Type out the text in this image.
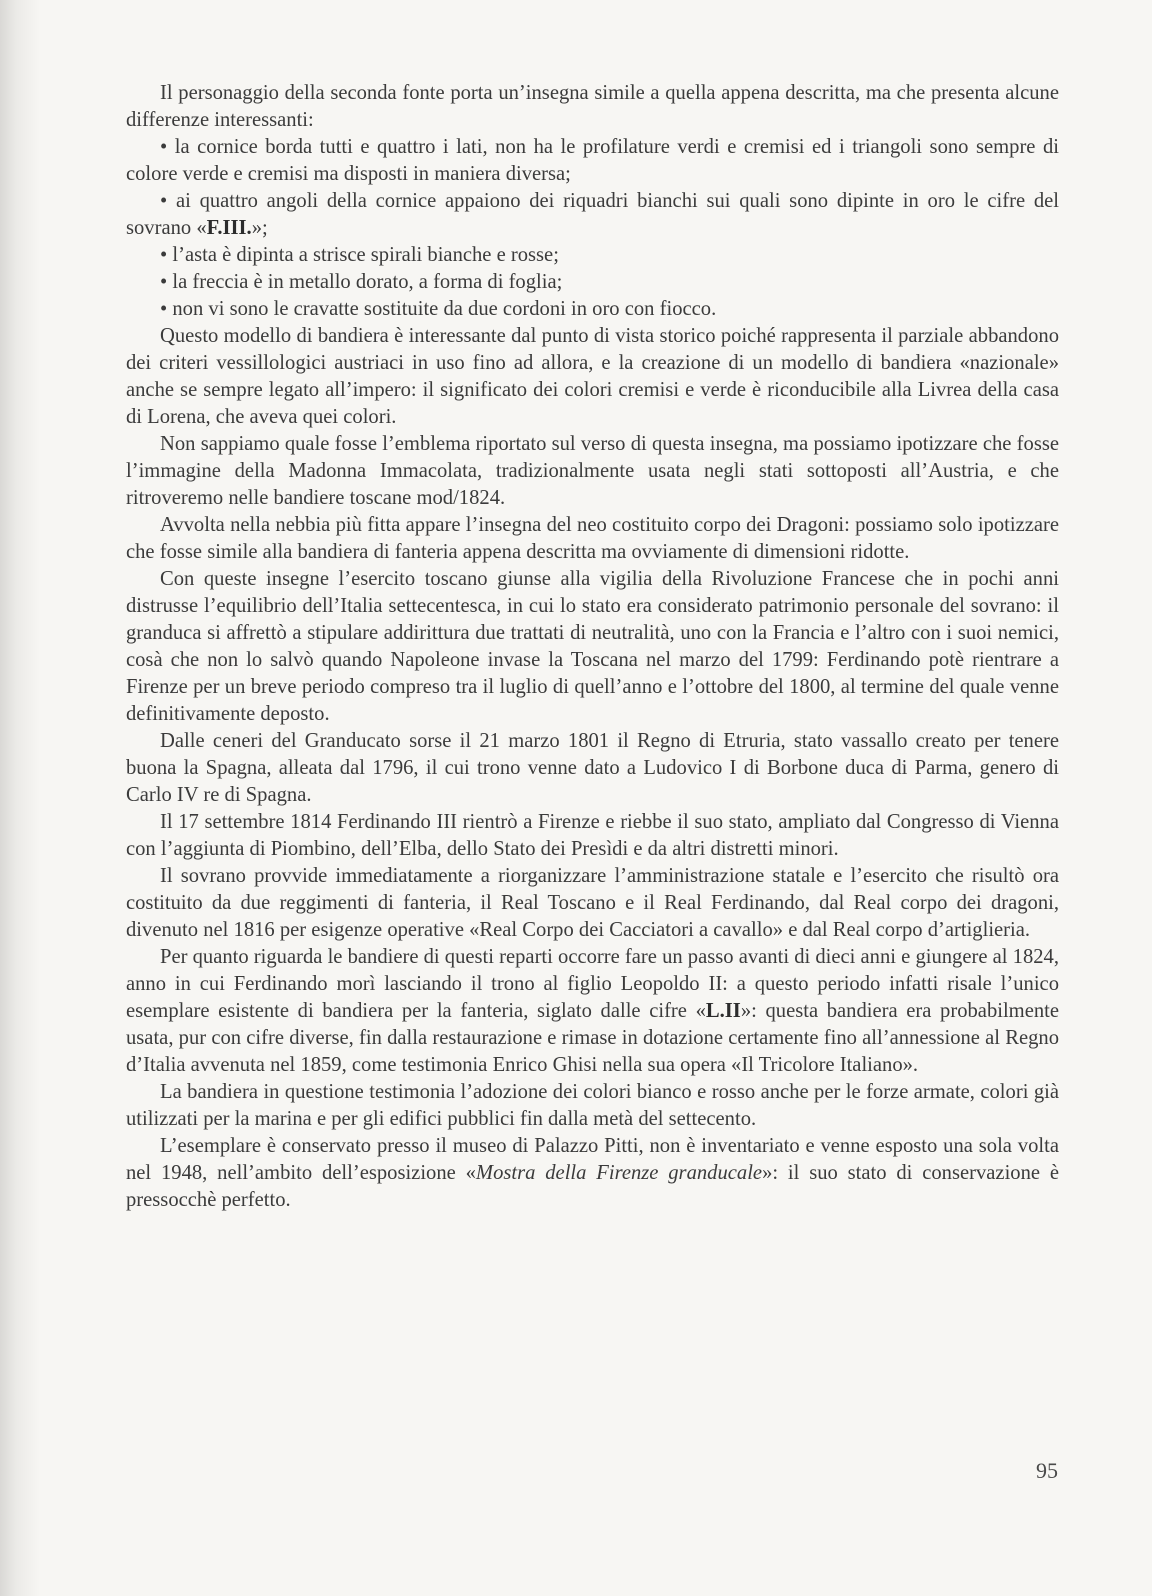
Il personaggio della seconda fonte porta un’insegna simile a quella appena descritta, ma che presenta alcune differenze interessanti:

• la cornice borda tutti e quattro i lati, non ha le profilature verdi e cremisi ed i triangoli sono sempre di colore verde e cremisi ma disposti in maniera diversa;

• ai quattro angoli della cornice appaiono dei riquadri bianchi sui quali sono dipinte in oro le cifre del sovrano «F.III.»;

• l’asta è dipinta a strisce spirali bianche e rosse;

• la freccia è in metallo dorato, a forma di foglia;

• non vi sono le cravatte sostituite da due cordoni in oro con fiocco.

Questo modello di bandiera è interessante dal punto di vista storico poiché rappresenta il parziale abbandono dei criteri vessillologici austriaci in uso fino ad allora, e la creazione di un modello di bandiera «nazionale» anche se sempre legato all’impero: il significato dei colori cremisi e verde è riconducibile alla Livrea della casa di Lorena, che aveva quei colori.

Non sappiamo quale fosse l’emblema riportato sul verso di questa insegna, ma possiamo ipotizzare che fosse l’immagine della Madonna Immacolata, tradizionalmente usata negli stati sottoposti all’Austria, e che ritroveremo nelle bandiere toscane mod/1824.

Avvolta nella nebbia più fitta appare l’insegna del neo costituito corpo dei Dragoni: possiamo solo ipotizzare che fosse simile alla bandiera di fanteria appena descritta ma ovviamente di dimensioni ridotte.

Con queste insegne l’esercito toscano giunse alla vigilia della Rivoluzione Francese che in pochi anni distrusse l’equilibrio dell’Italia settecentesca, in cui lo stato era considerato patrimonio personale del sovrano: il granduca si affrettò a stipulare addirittura due trattati di neutralità, uno con la Francia e l’altro con i suoi nemici, cosà che non lo salvò quando Napoleone invase la Toscana nel marzo del 1799: Ferdinando potè rientrare a Firenze per un breve periodo compreso tra il luglio di quell’anno e l’ottobre del 1800, al termine del quale venne definitivamente deposto.

Dalle ceneri del Granducato sorse il 21 marzo 1801 il Regno di Etruria, stato vassallo creato per tenere buona la Spagna, alleata dal 1796, il cui trono venne dato a Ludovico I di Borbone duca di Parma, genero di Carlo IV re di Spagna.

Il 17 settembre 1814 Ferdinando III rientrò a Firenze e riebbe il suo stato, ampliato dal Congresso di Vienna con l’aggiunta di Piombino, dell’Elba, dello Stato dei Presìdi e da altri distretti minori.

Il sovrano provvide immediatamente a riorganizzare l’amministrazione statale e l’esercito che risultò ora costituito da due reggimenti di fanteria, il Real Toscano e il Real Ferdinando, dal Real corpo dei dragoni, divenuto nel 1816 per esigenze operative «Real Corpo dei Cacciatori a cavallo» e dal Real corpo d’artiglieria.

Per quanto riguarda le bandiere di questi reparti occorre fare un passo avanti di dieci anni e giungere al 1824, anno in cui Ferdinando morì lasciando il trono al figlio Leopoldo II: a questo periodo infatti risale l’unico esemplare esistente di bandiera per la fanteria, siglato dalle cifre «L.II»: questa bandiera era probabilmente usata, pur con cifre diverse, fin dalla restaurazione e rimase in dotazione certamente fino all’annessione al Regno d’Italia avvenuta nel 1859, come testimonia Enrico Ghisi nella sua opera «Il Tricolore Italiano».

La bandiera in questione testimonia l’adozione dei colori bianco e rosso anche per le forze armate, colori già utilizzati per la marina e per gli edifici pubblici fin dalla metà del settecento.

L’esemplare è conservato presso il museo di Palazzo Pitti, non è inventariato e venne esposto una sola volta nel 1948, nell’ambito dell’esposizione «Mostra della Firenze granducale»: il suo stato di conservazione è pressocchè perfetto.

95
